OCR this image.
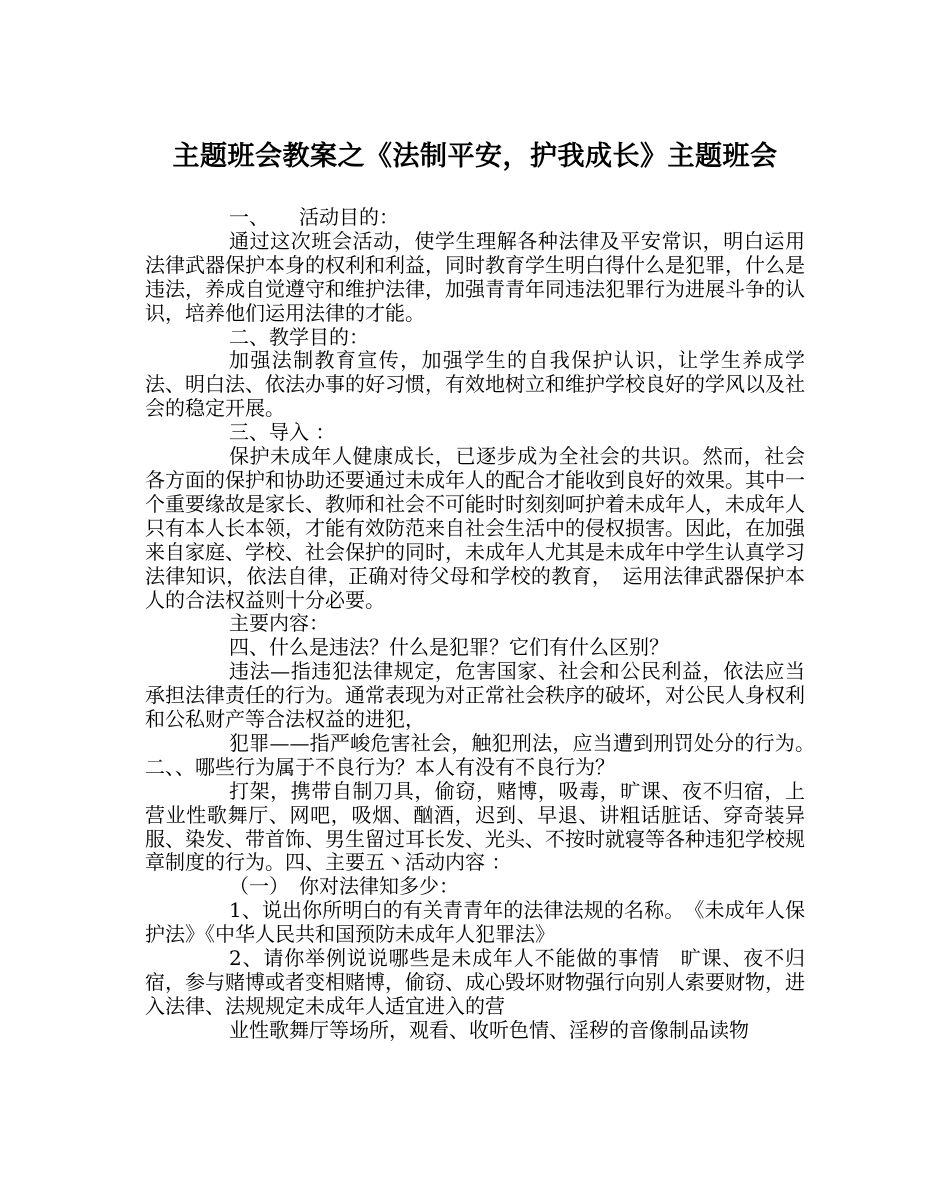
主题班会教案之《法制平安，护我成长》主题班会

一、　　活动目的：

通过这次班会活动，使学生理解各种法律及平安常识，明白运用法律武器保护本身的权利和利益，同时教育学生明白得什么是犯罪，什么是违法，养成自觉遵守和维护法律，加强青青年同违法犯罪行为进展斗争的认识，培养他们运用法律的才能。

二、教学目的：

加强法制教育宣传，加强学生的自我保护认识，让学生养成学法、明白法、依法办事的好习惯，有效地树立和维护学校良好的学风以及社会的稳定开展。

三、导入 ：

保护未成年人健康成长，已逐步成为全社会的共识。然而，社会各方面的保护和协助还要通过未成年人的配合才能收到良好的效果。其中一个重要缘故是家长、教师和社会不可能时时刻刻呵护着未成年人，未成年人只有本人长本领，才能有效防范来自社会生活中的侵权损害。因此，在加强来自家庭、学校、社会保护的同时，未成年人尤其是未成年中学生认真学习法律知识，依法自律，正确对待父母和学校的教育，　运用法律武器保护本人的合法权益则十分必要。

主要内容：

四、什么是违法？什么是犯罪？它们有什么区别？

违法—指违犯法律规定，危害国家、社会和公民利益，依法应当承担法律责任的行为。通常表现为对正常社会秩序的破坏，对公民人身权利和公私财产等合法权益的进犯，

犯罪——指严峻危害社会，触犯刑法，应当遭到刑罚处分的行为。　　　二、、哪些行为属于不良行为？本人有没有不良行为？

打架，携带自制刀具，偷窃，赌博，吸毒，旷课、夜不归宿，上营业性歌舞厅、网吧，吸烟、酗酒，迟到、早退、讲粗话脏话、穿奇装异服、染发、带首饰、男生留过耳长发、光头、不按时就寝等各种违犯学校规章制度的行为。四、主要五丶活动内容 ：

（一）　你对法律知多少：

1、说出你所明白的有关青青年的法律法规的名称。　《未成年人保护法》《中华人民共和国预防未成年人犯罪法》

2、请你举例说说哪些是未成年人不能做的事情　旷课、夜不归宿，参与赌博或者变相赌博，偷窃、成心毁坏财物强行向别人索要财物，进入法律、法规规定未成年人适宜进入的营

业性歌舞厅等场所，观看、收听色情、淫秽的音像制品读物
